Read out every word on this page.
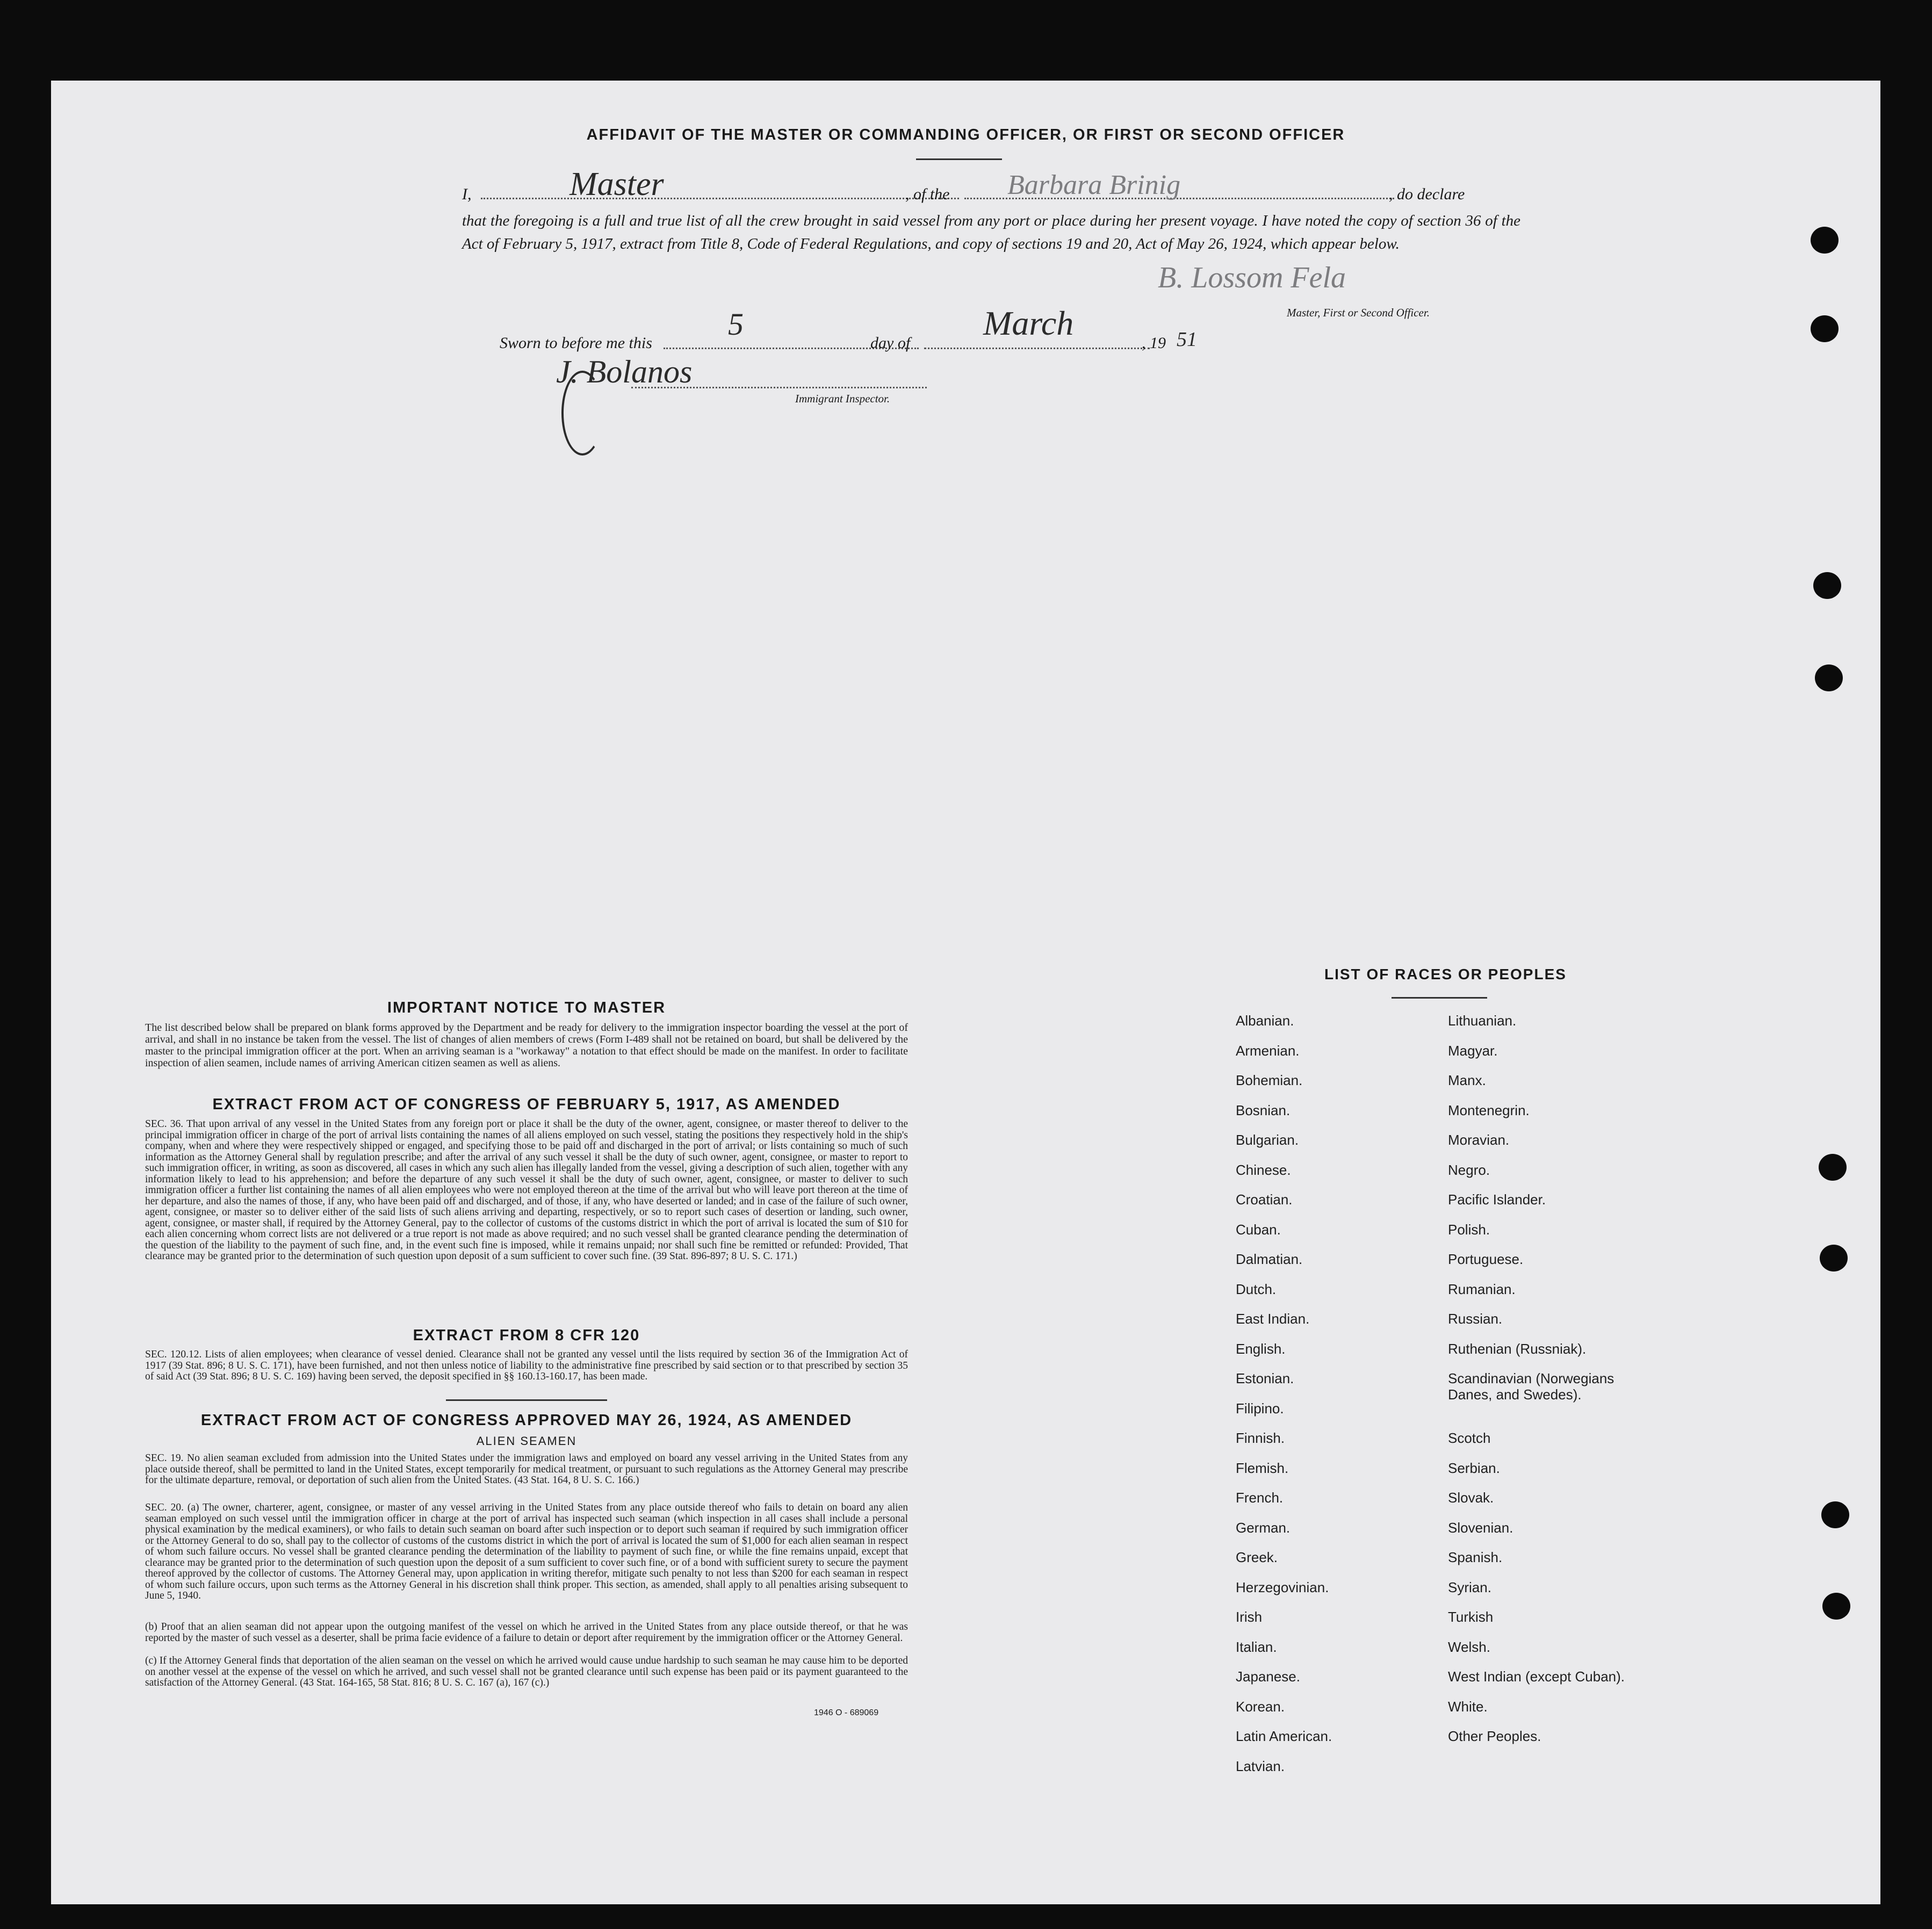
AFFIDAVIT OF THE MASTER OR COMMANDING OFFICER, OR FIRST OR SECOND OFFICER
I,	Master	, of the Barbara Brinig	, do declare
that the foregoing is a full and true list of all the crew brought in said vessel from any port or place during her present voyage. I have noted the copy of section 36 of the Act of February 5, 1917, extract from Title 8, Code of Federal Regulations, and copy of sections 19 and 20, Act of May 26, 1924, which appear below.
B. Lossom Fela
Master, First or Second Officer.
Sworn to before me this
5
day of
March
, 19 51
J. Bolanos
Immigrant Inspector.
IMPORTANT NOTICE TO MASTER
The list described below shall be prepared on blank forms approved by the Department and be ready for delivery to the immigration inspector boarding the vessel at the port of arrival, and shall in no instance be taken from the vessel. The list of changes of alien members of crews (Form I-489 shall not be retained on board, but shall be delivered by the master to the principal immigration officer at the port. When an arriving seaman is a "workaway" a notation to that effect should be made on the manifest. In order to facilitate inspection of alien seamen, include names of arriving American citizen seamen as well as aliens.
EXTRACT FROM ACT OF CONGRESS OF FEBRUARY 5, 1917, AS AMENDED
SEC. 36. That upon arrival of any vessel in the United States from any foreign port or place it shall be the duty of the owner, agent, consignee, or master thereof to deliver to the principal immigration officer in charge of the port of arrival lists containing the names of all aliens employed on such vessel, stating the positions they respectively hold in the ship's company, when and where they were respectively shipped or engaged, and specifying those to be paid off and discharged in the port of arrival; or lists containing so much of such information as the Attorney General shall by regulation prescribe; and after the arrival of any such vessel it shall be the duty of such owner, agent, consignee, or master to report to such immigration officer, in writing, as soon as discovered, all cases in which any such alien has illegally landed from the vessel, giving a description of such alien, together with any information likely to lead to his apprehension; and before the departure of any such vessel it shall be the duty of such owner, agent, consignee, or master to deliver to such immigration officer a further list containing the names of all alien employees who were not employed thereon at the time of the arrival but who will leave port thereon at the time of her departure, and also the names of those, if any, who have been paid off and discharged, and of those, if any, who have deserted or landed; and in case of the failure of such owner, agent, consignee, or master so to deliver either of the said lists of such aliens arriving and departing, respectively, or so to report such cases of desertion or landing, such owner, agent, consignee, or master shall, if required by the Attorney General, pay to the collector of customs of the customs district in which the port of arrival is located the sum of $10 for each alien concerning whom correct lists are not delivered or a true report is not made as above required; and no such vessel shall be granted clearance pending the determination of the question of the liability to the payment of such fine, and, in the event such fine is imposed, while it remains unpaid; nor shall such fine be remitted or refunded: Provided, That clearance may be granted prior to the determination of such question upon deposit of a sum sufficient to cover such fine. (39 Stat. 896-897; 8 U. S. C. 171.)
EXTRACT FROM 8 CFR 120
SEC. 120.12. Lists of alien employees; when clearance of vessel denied. Clearance shall not be granted any vessel until the lists required by section 36 of the Immigration Act of 1917 (39 Stat. 896; 8 U. S. C. 171), have been furnished, and not then unless notice of liability to the administrative fine prescribed by said section or to that prescribed by section 35 of said Act (39 Stat. 896; 8 U. S. C. 169) having been served, the deposit specified in §§ 160.13-160.17, has been made.
EXTRACT FROM ACT OF CONGRESS APPROVED MAY 26, 1924, AS AMENDED
ALIEN SEAMEN
SEC. 19. No alien seaman excluded from admission into the United States under the immigration laws and employed on board any vessel arriving in the United States from any place outside thereof, shall be permitted to land in the United States, except temporarily for medical treatment, or pursuant to such regulations as the Attorney General may prescribe for the ultimate departure, removal, or deportation of such alien from the United States. (43 Stat. 164, 8 U. S. C. 166.)
SEC. 20. (a) The owner, charterer, agent, consignee, or master of any vessel arriving in the United States from any place outside thereof who fails to detain on board any alien seaman employed on such vessel until the immigration officer in charge at the port of arrival has inspected such seaman (which inspection in all cases shall include a personal physical examination by the medical examiners), or who fails to detain such seaman on board after such inspection or to deport such seaman if required by such immigration officer or the Attorney General to do so, shall pay to the collector of customs of the customs district in which the port of arrival is located the sum of $1,000 for each alien seaman in respect of whom such failure occurs. No vessel shall be granted clearance pending the determination of the liability to payment of such fine, or while the fine remains unpaid, except that clearance may be granted prior to the determination of such question upon the deposit of a sum sufficient to cover such fine, or of a bond with sufficient surety to secure the payment thereof approved by the collector of customs. The Attorney General may, upon application in writing therefor, mitigate such penalty to not less than $200 for each seaman in respect of whom such failure occurs, upon such terms as the Attorney General in his discretion shall think proper. This section, as amended, shall apply to all penalties arising subsequent to June 5, 1940.
(b) Proof that an alien seaman did not appear upon the outgoing manifest of the vessel on which he arrived in the United States from any place outside thereof, or that he was reported by the master of such vessel as a deserter, shall be prima facie evidence of a failure to detain or deport after requirement by the immigration officer or the Attorney General.
(c) If the Attorney General finds that deportation of the alien seaman on the vessel on which he arrived would cause undue hardship to such seaman he may cause him to be deported on another vessel at the expense of the vessel on which he arrived, and such vessel shall not be granted clearance until such expense has been paid or its payment guaranteed to the satisfaction of the Attorney General. (43 Stat. 164-165, 58 Stat. 816; 8 U. S. C. 167 (a), 167 (c).)
1946 O - 689069
LIST OF RACES OR PEOPLES
Albanian.
Armenian.
Bohemian.
Bosnian.
Bulgarian.
Chinese.
Croatian.
Cuban.
Dalmatian.
Dutch.
East Indian.
English.
Estonian.
Filipino.
Finnish.
Flemish.
French.
German.
Greek.
Herzegovinian.
Irish
Italian.
Japanese.
Korean.
Latin American.
Latvian.
Lithuanian.
Magyar.
Manx.
Montenegrin.
Moravian.
Negro.
Pacific Islander.
Polish.
Portuguese.
Rumanian.
Russian.
Ruthenian (Russniak).
Scandinavian (Norwegians
Danes, and Swedes).
Scotch
Serbian.
Slovak.
Slovenian.
Spanish.
Syrian.
Turkish
Welsh.
West Indian (except Cuban).
White.
Other Peoples.
